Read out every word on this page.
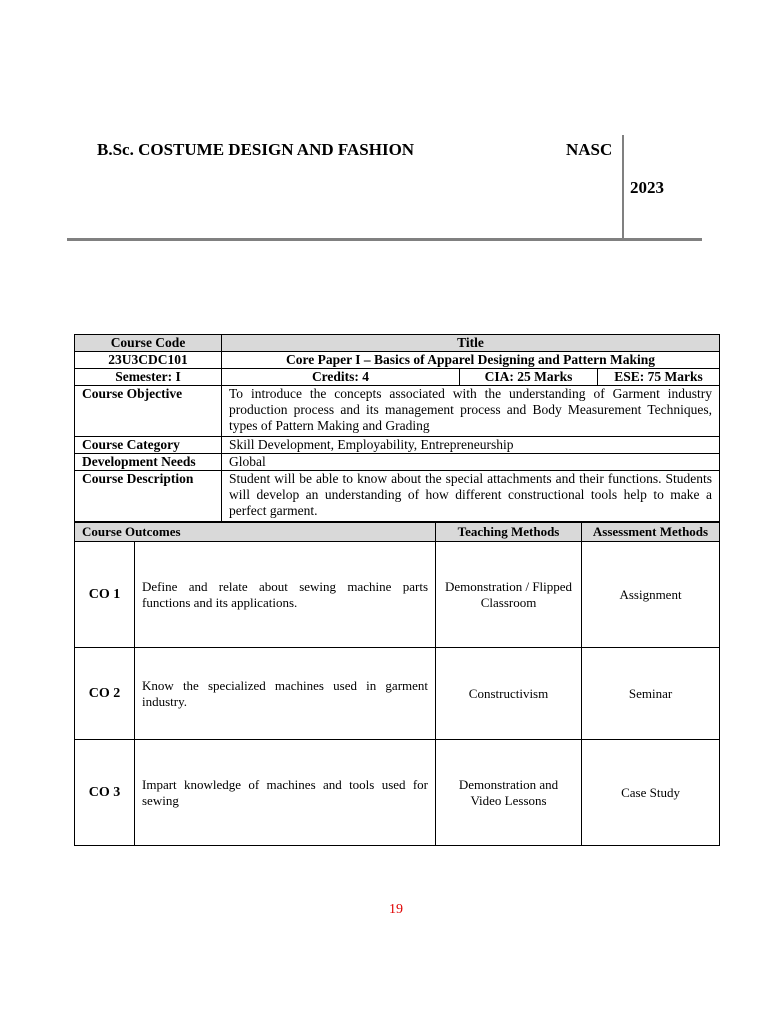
B.Sc. COSTUME DESIGN AND FASHION	NASC
2023
Course Code	Title		
23U3CDC101	Core Paper I – Basics of Apparel Designing and Pattern Making		
Semester: I	Credits: 4	CIA: 25 Marks	ESE: 75 Marks
Course Objective	To introduce the concepts associated with the understanding of Garment industry production process and its management process and Body Measurement Techniques, types of Pattern Making and Grading		
Course Category	Skill Development, Employability, Entrepreneurship		
Development Needs	Global		
Course Description	Student will be able to know about the special attachments and their functions. Students will develop an understanding of how different constructional tools help to make a perfect garment.		
Course Outcomes		Teaching Methods	Assessment Methods
CO 1	Define and relate about sewing machine parts functions and its applications.	Demonstration / Flipped Classroom	Assignment
CO 2	Know the specialized machines used in garment industry.	Constructivism	Seminar
CO 3	Impart knowledge of machines and tools used for sewing	Demonstration and Video Lessons	Case Study
19
